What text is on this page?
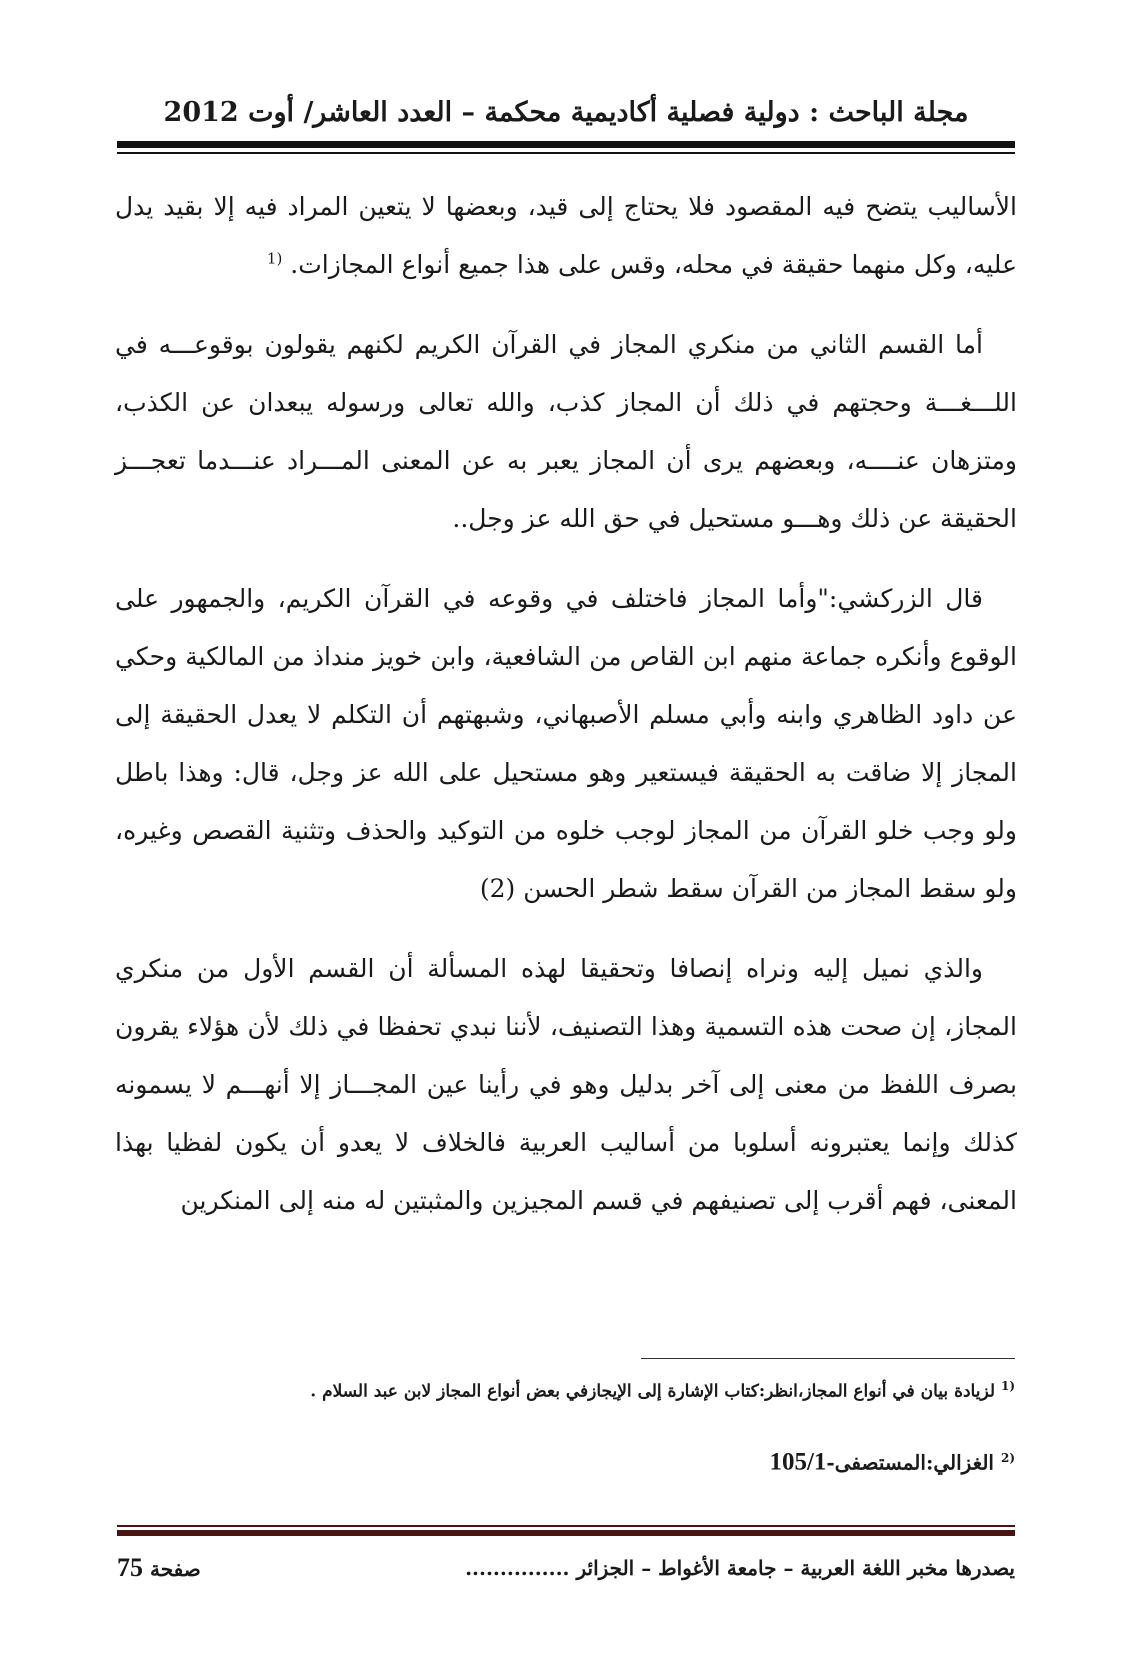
مجلة الباحث : دولية فصلية أكاديمية محكمة – العدد العاشر/ أوت 2012

الأساليب يتضح فيه المقصود فلا يحتاج إلى قيد، وبعضها لا يتعين المراد فيه إلا بقيد يدل عليه، وكل منهما حقيقة في محله، وقس على هذا جميع أنواع المجازات. $^{(1}$

أما القسم الثاني من منكري المجاز في القرآن الكريم لكنهم يقولون بوقوعـــه في اللـــغـــة وحجتهم في ذلك أن المجاز كذب، والله تعالى ورسوله يبعدان عن الكذب، ومتزهان عنــــه، وبعضهم يرى أن المجاز يعبر به عن المعنى المـــراد عنـــدما تعجـــز الحقيقة عن ذلك وهـــو مستحيل في حق الله عز وجل..

قال الزركشي:"وأما المجاز فاختلف في وقوعه في القرآن الكريم، والجمهور على الوقوع وأنكره جماعة منهم ابن القاص من الشافعية، وابن خويز منداذ من المالكية وحكي عن داود الظاهري وابنه وأبي مسلم الأصبهاني، وشبهتهم أن التكلم لا يعدل الحقيقة إلى المجاز إلا ضاقت به الحقيقة فيستعير وهو مستحيل على الله عز وجل، قال: وهذا باطل ولو وجب خلو القرآن من المجاز لوجب خلوه من التوكيد والحذف وتثنية القصص وغيره، ولو سقط المجاز من القرآن سقط شطر الحسن (2)

والذي نميل إليه ونراه إنصافا وتحقيقا لهذه المسألة أن القسم الأول من منكري المجاز، إن صحت هذه التسمية وهذا التصنيف، لأننا نبدي تحفظا في ذلك لأن هؤلاء يقرون بصرف اللفظ من معنى إلى آخر بدليل وهو في رأينا عين المجـــاز إلا أنهـــم لا يسمونه كذلك وإنما يعتبرونه أسلوبا من أساليب العربية فالخلاف لا يعدو أن يكون لفظيا بهذا المعنى، فهم أقرب إلى تصنيفهم في قسم المجيزين والمثبتين له منه إلى المنكرين

$^{(1}$ لزيادة بيان في أنواع المجاز،انظر:كتاب الإشارة إلى الإيجازفي بعض أنواع المجاز لابن عبد السلام .
$^{(2}$ الغزالي:المستصفى-105/1
يصدرها مخبر اللغة العربية – جامعة الأغواط – الجزائر ...............
صفحة 75
